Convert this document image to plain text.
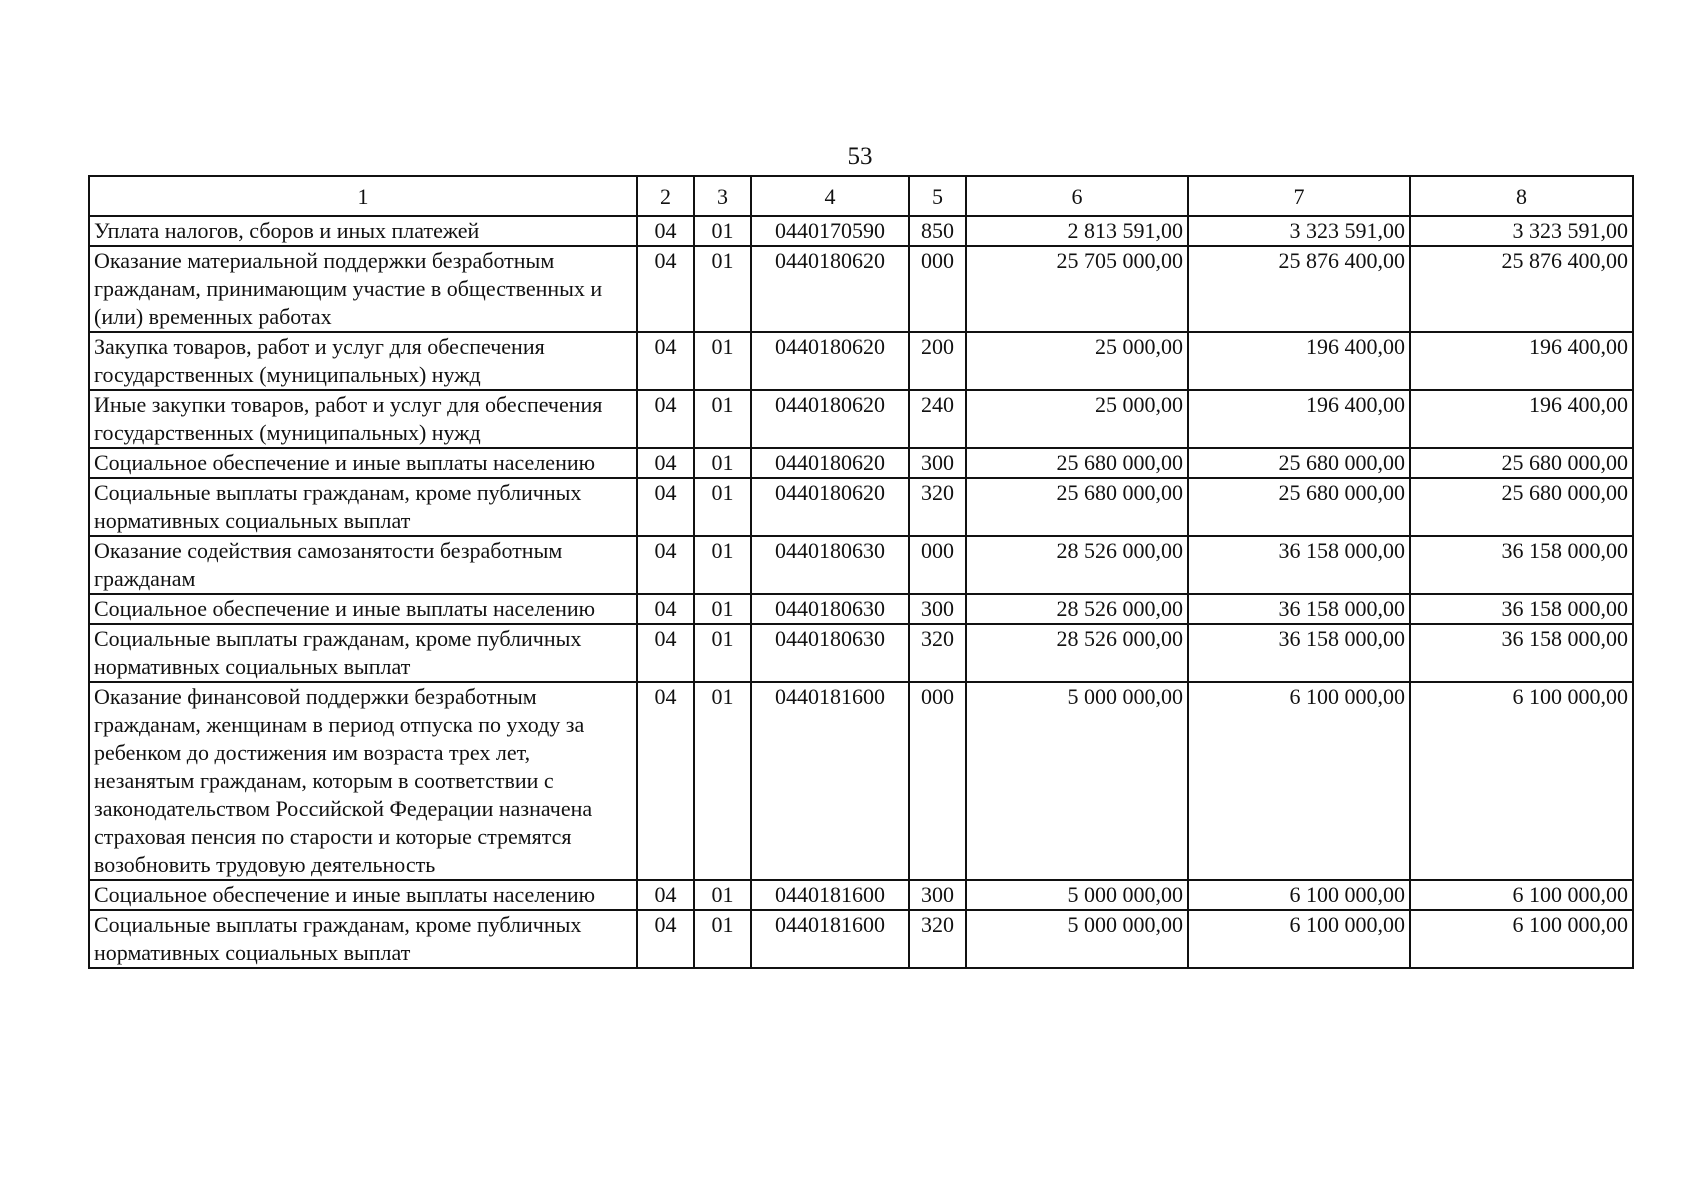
53
1	2	3	4	5	6	7	8
Уплата налогов, сборов и иных платежей	04	01	0440170590	850	2 813 591,00	3 323 591,00	3 323 591,00
Оказание материальной поддержки безработным гражданам, принимающим участие в общественных и (или) временных работах	04	01	0440180620	000	25 705 000,00	25 876 400,00	25 876 400,00
Закупка товаров, работ и услуг для обеспечения государственных (муниципальных) нужд	04	01	0440180620	200	25 000,00	196 400,00	196 400,00
Иные закупки товаров, работ и услуг для обеспечения государственных (муниципальных) нужд	04	01	0440180620	240	25 000,00	196 400,00	196 400,00
Социальное обеспечение и иные выплаты населению	04	01	0440180620	300	25 680 000,00	25 680 000,00	25 680 000,00
Социальные выплаты гражданам, кроме публичных нормативных социальных выплат	04	01	0440180620	320	25 680 000,00	25 680 000,00	25 680 000,00
Оказание содействия самозанятости безработным гражданам	04	01	0440180630	000	28 526 000,00	36 158 000,00	36 158 000,00
Социальное обеспечение и иные выплаты населению	04	01	0440180630	300	28 526 000,00	36 158 000,00	36 158 000,00
Социальные выплаты гражданам, кроме публичных нормативных социальных выплат	04	01	0440180630	320	28 526 000,00	36 158 000,00	36 158 000,00
Оказание финансовой поддержки безработным гражданам, женщинам в период отпуска по уходу за ребенком до достижения им возраста трех лет, незанятым гражданам, которым в соответствии с законодательством Российской Федерации назначена страховая пенсия по старости и которые стремятся возобновить трудовую деятельность	04	01	0440181600	000	5 000 000,00	6 100 000,00	6 100 000,00
Социальное обеспечение и иные выплаты населению	04	01	0440181600	300	5 000 000,00	6 100 000,00	6 100 000,00
Социальные выплаты гражданам, кроме публичных нормативных социальных выплат	04	01	0440181600	320	5 000 000,00	6 100 000,00	6 100 000,00
